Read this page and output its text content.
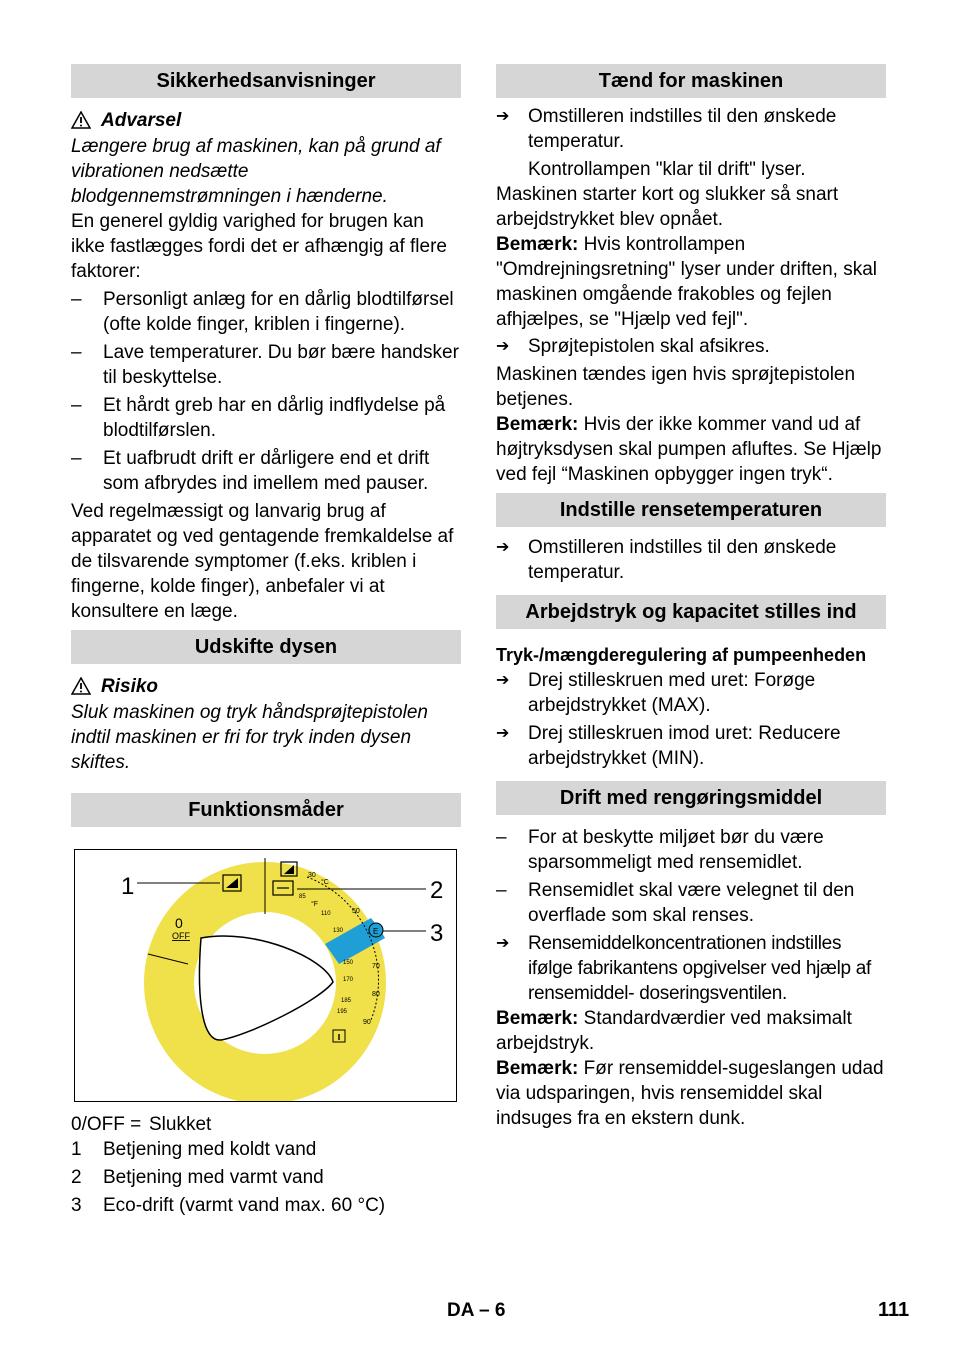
Sikkerhedsanvisninger
Advarsel

Længere brug af maskinen, kan på grund af vibrationen nedsætte blodgennemstrømningen i hænderne.

En generel gyldig varighed for brugen kan ikke fastlægges fordi det er afhængig af flere faktorer:

–	Personligt anlæg for en dårlig blodtilførsel (ofte kolde finger, kriblen i fingerne).
–	Lave temperaturer. Du bør bære handsker til beskyttelse.
–	Et hårdt greb har en dårlig indflydelse på blodtilførslen.
–	Et uafbrudt drift er dårligere end et drift som afbrydes ind imellem med pauser.

Ved regelmæssigt og lanvarig brug af apparatet og ved gentagende fremkaldelse af de tilsvarende symptomer (f.eks. kriblen i fingerne, kolde finger), anbefaler vi at konsultere en læge.

Udskifte dysen
Risiko

Sluk maskinen og tryk håndsprøjtepistolen indtil maskinen er fri for tryk inden dysen skiftes.

Funktionsmåder
1	2
3
0
OFF
°C
°F
E
30
50
70
80
90
85
110
130
150
170
185
195
0/OFF = Slukket
1	Betjening med koldt vand
2	Betjening med varmt vand
3	Eco-drift (varmt vand max. 60 °C)
Tænd for maskinen
➔ Omstilleren indstilles til den ønskede temperatur.

Kontrollampen "klar til drift" lyser.

Maskinen starter kort og slukker så snart arbejdstrykket blev opnået.

Bemærk: Hvis kontrollampen "Omdrejningsretning" lyser under driften, skal maskinen omgående frakobles og fejlen afhjælpes, se "Hjælp ved fejl".

➔ Sprøjtepistolen skal afsikres.

Maskinen tændes igen hvis sprøjtepistolen betjenes.

Bemærk: Hvis der ikke kommer vand ud af højtryksdysen skal pumpen afluftes. Se Hjælp ved fejl “Maskinen opbygger ingen tryk“.

Indstille rensetemperaturen
➔ Omstilleren indstilles til den ønskede temperatur.
Arbejdstryk og kapacitet stilles ind

Tryk-/mængderegulering af pumpeenheden

➔ Drej stilleskruen med uret: Forøge arbejdstrykket (MAX).
➔ Drej stilleskruen imod uret: Reducere arbejdstrykket (MIN).
Drift med rengøringsmiddel
–	For at beskytte miljøet bør du være sparsommeligt med rensemidlet.
–	Rensemidlet skal være velegnet til den overflade som skal renses.
➔ Rensemiddelkoncentrationen indstilles ifølge fabrikantens opgivelser ved hjælp af rensemiddel- doseringsventilen.

Bemærk: Standardværdier ved maksimalt arbejdstryk.

Bemærk: Før rensemiddel-sugeslangen udad via udsparingen, hvis rensemiddel skal indsuges fra en ekstern dunk.

DA – 6	111
